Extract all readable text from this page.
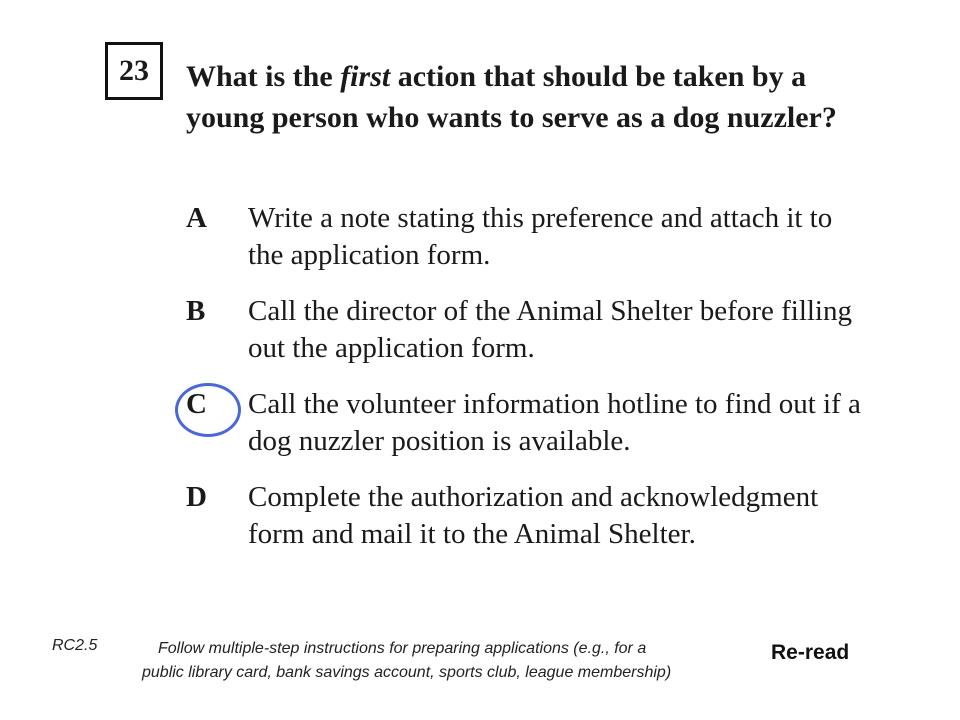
23	What is the first action that should be taken by a young person who wants to serve as a dog nuzzler?
A	Write a note stating this preference and attach it to the application form.
B	Call the director of the Animal Shelter before filling out the application form.
C	Call the volunteer information hotline to find out if a dog nuzzler position is available.
D	Complete the authorization and acknowledgment form and mail it to the Animal Shelter.
RC2.5	Follow multiple-step instructions for preparing applications (e.g., for a
public library card, bank savings account, sports club, league membership)
Re-read
